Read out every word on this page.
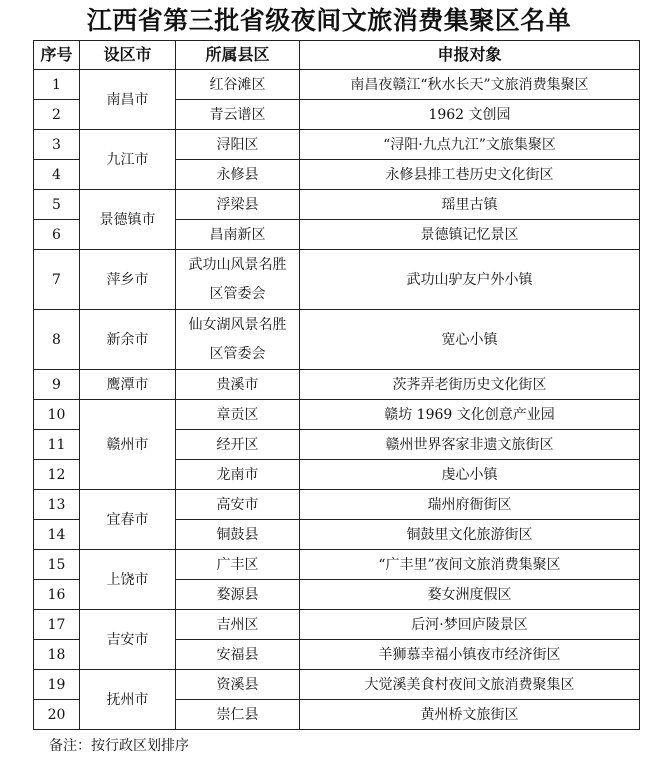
江西省第三批省级夜间文旅消费集聚区名单
序号	设区市	所属县区	申报对象
1	南昌市	红谷滩区	南昌夜赣江“秋水长天”文旅消费集聚区
2		青云谱区	1962 文创园
3	九江市	浔阳区	“浔阳·九点九江”文旅集聚区
4		永修县	永修县排工巷历史文化街区
5	景德镇市	浮梁县	瑶里古镇
6		昌南新区	景德镇记忆景区
7	萍乡市	武功山风景名胜区管委会	武功山驴友户外小镇
8	新余市	仙女湖风景名胜区管委会	宽心小镇
9	鹰潭市	贵溪市	茨荠弄老街历史文化街区
10	赣州市	章贡区	赣坊 1969 文化创意产业园
11		经开区	赣州世界客家非遗文旅街区
12		龙南市	虔心小镇
13	宜春市	高安市	瑞州府衙街区
14		铜鼓县	铜鼓里文化旅游街区
15	上饶市	广丰区	“广丰里”夜间文旅消费集聚区
16		婺源县	婺女洲度假区
17	吉安市	吉州区	后河·梦回庐陵景区
18		安福县	羊狮慕幸福小镇夜市经济街区
19	抚州市	资溪县	大觉溪美食村夜间文旅消费聚集区
20		崇仁县	黄州桥文旅街区
备注：按行政区划排序
